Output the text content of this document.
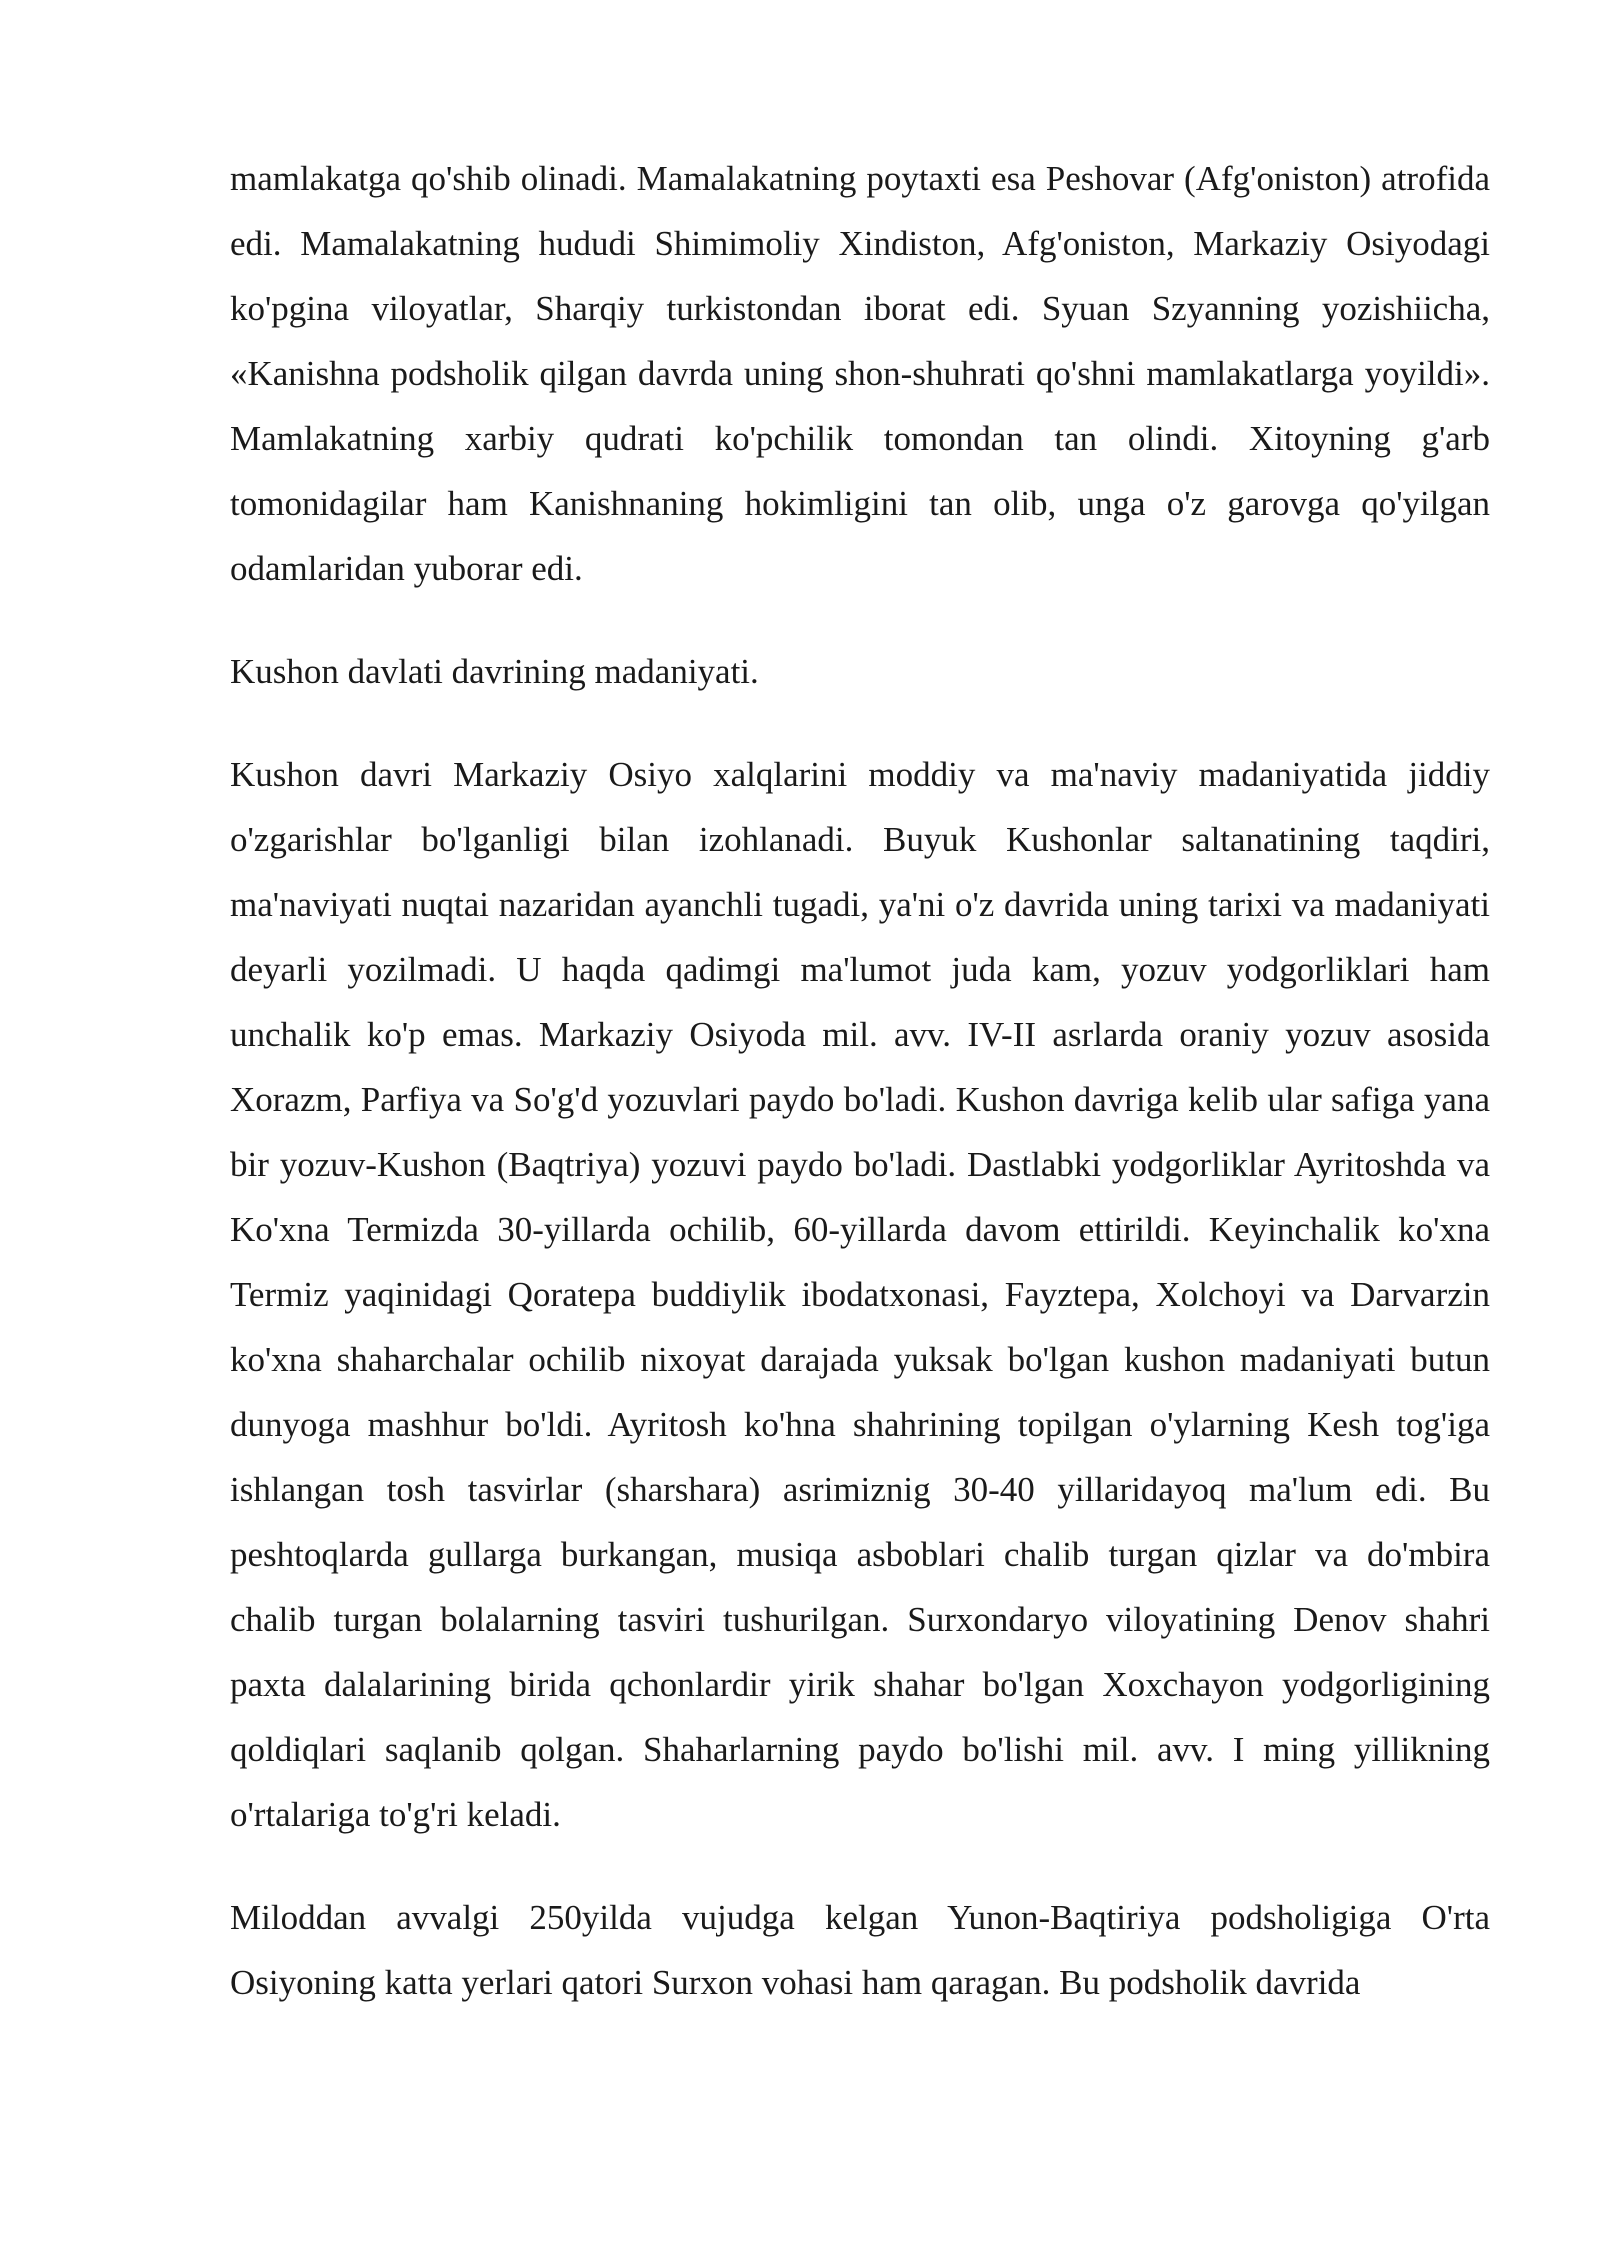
mamlakatga qo'shib olinadi. Mamalakatning poytaxti esa Peshovar (Afg'oniston) atrofida edi. Mamalakatning hududi Shimimoliy Xindiston, Afg'oniston, Markaziy Osiyodagi ko'pgina viloyatlar, Sharqiy turkistondan iborat edi. Syuan Szyanning yozishiicha, «Kanishna podsholik qilgan davrda uning shon-shuhrati qo'shni mamlakatlarga yoyildi». Mamlakatning xarbiy qudrati ko'pchilik tomondan tan olindi. Xitoyning g'arb tomonidagilar ham Kanishnaning hokimligini tan olib, unga o'z garovga qo'yilgan odamlaridan yuborar edi.

Kushon davlati davrining madaniyati.

Kushon davri Markaziy Osiyo xalqlarini moddiy va ma'naviy madaniyatida jiddiy o'zgarishlar bo'lganligi bilan izohlanadi. Buyuk Kushonlar saltanatining taqdiri, ma'naviyati nuqtai nazaridan ayanchli tugadi, ya'ni o'z davrida uning tarixi va madaniyati deyarli yozilmadi. U haqda qadimgi ma'lumot juda kam, yozuv yodgorliklari ham unchalik ko'p emas. Markaziy Osiyoda mil. avv. IV-II asrlarda oraniy yozuv asosida Xorazm, Parfiya va So'g'd yozuvlari paydo bo'ladi. Kushon davriga kelib ular safiga yana bir yozuv-Kushon (Baqtriya) yozuvi paydo bo'ladi. Dastlabki yodgorliklar Ayritoshda va Ko'xna Termizda 30-yillarda ochilib, 60-yillarda davom ettirildi. Keyinchalik ko'xna Termiz yaqinidagi Qoratepa buddiylik ibodatxonasi, Fayztepa, Xolchoyi va Darvarzin ko'xna shaharchalar ochilib nixoyat darajada yuksak bo'lgan kushon madaniyati butun dunyoga mashhur bo'ldi. Ayritosh ko'hna shahrining topilgan o'ylarning Kesh tog'iga ishlangan tosh tasvirlar (sharshara) asrimiznig 30-40 yillaridayoq ma'lum edi. Bu peshtoqlarda gullarga burkangan, musiqa asboblari chalib turgan qizlar va do'mbira chalib turgan bolalarning tasviri tushurilgan. Surxondaryo viloyatining Denov shahri paxta dalalarining birida qchonlardir yirik shahar bo'lgan Xoxchayon yodgorligining qoldiqlari saqlanib qolgan. Shaharlarning paydo bo'lishi mil. avv. I ming yillikning o'rtalariga to'g'ri keladi.

Miloddan avvalgi 250yilda vujudga kelgan Yunon-Baqtiriya podsholigiga O'rta Osiyoning katta yerlari qatori Surxon vohasi ham qaragan. Bu podsholik davrida
